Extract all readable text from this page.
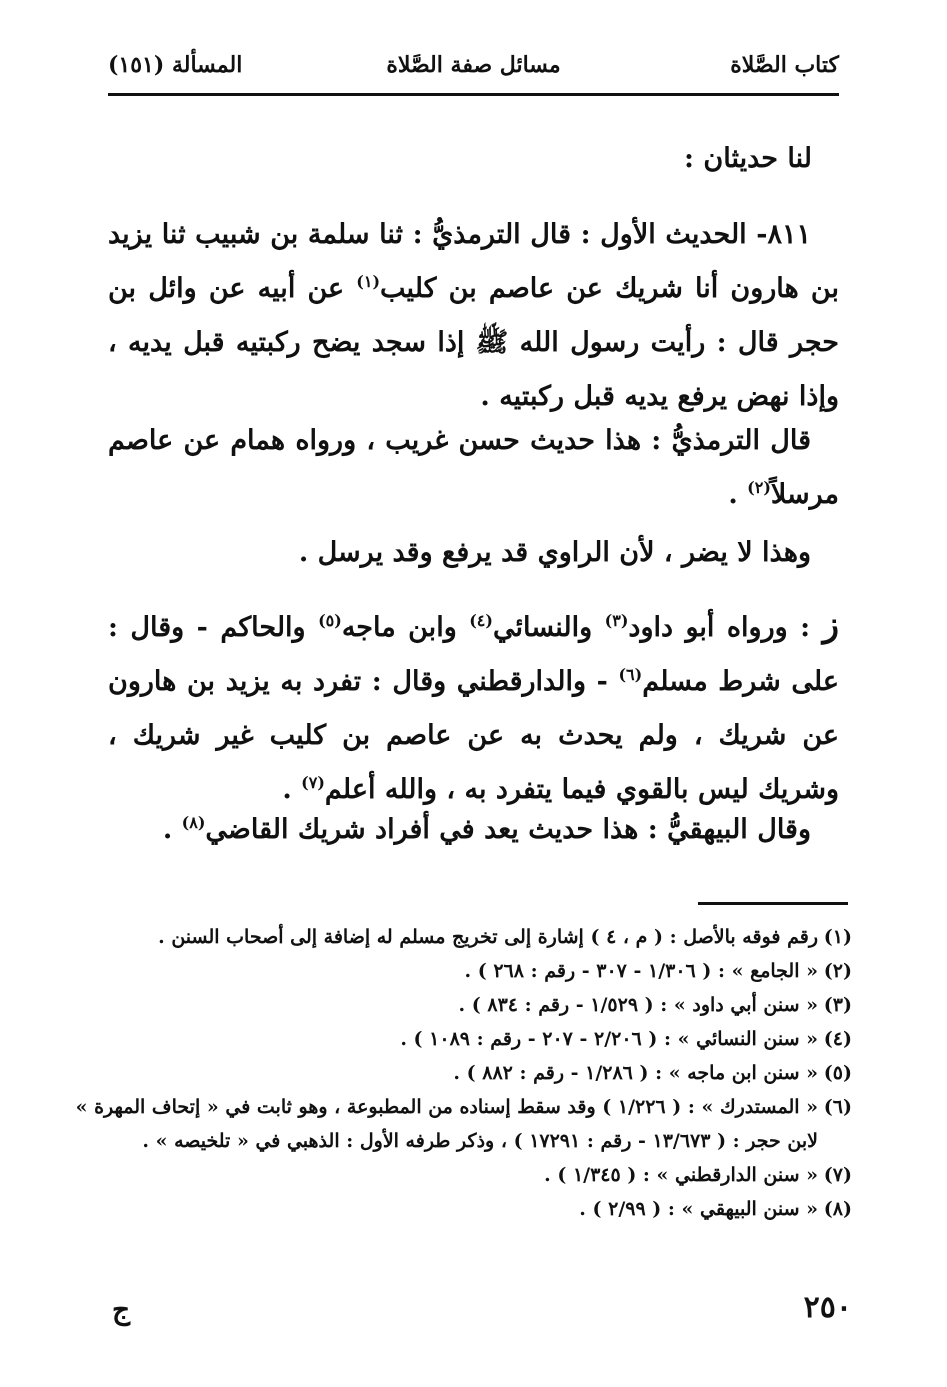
كتاب الصَّلاة
مسائل صفة الصَّلاة
المسألة (١٥١)
لنا حديثان :

٨١١- الحديث الأول : قال الترمذيُّ : ثنا سلمة بن شبيب ثنا يزيد بن هارون أنا شريك عن عاصم بن كليب$^{(١)}$ عن أبيه عن وائل بن حجر قال : رأيت رسول الله ﷺ إذا سجد يضح ركبتيه قبل يديه ، وإذا نهض يرفع يديه قبل ركبتيه .

قال الترمذيُّ : هذا حديث حسن غريب ، ورواه همام عن عاصم مرسلاً$^{(٢)}$ .

وهذا لا يضر ، لأن الراوي قد يرفع وقد يرسل .

ز : ورواه أبو داود$^{(٣)}$ والنسائي$^{(٤)}$ وابن ماجه$^{(٥)}$ والحاكم - وقال : على شرط مسلم$^{(٦)}$ - والدارقطني وقال : تفرد به يزيد بن هارون عن شريك ، ولم يحدث به عن عاصم بن كليب غير شريك ، وشريك ليس بالقوي فيما يتفرد به ، والله أعلم$^{(٧)}$ .

وقال البيهقيُّ : هذا حديث يعد في أفراد شريك القاضي$^{(٨)}$ .

(١)رقم فوقه بالأصل : ( م ، ٤ ) إشارة إلى تخريج مسلم له إضافة إلى أصحاب السنن .

(٢)« الجامع » : ( ١/٣٠٦ - ٣٠٧ - رقم : ٢٦٨ ) .

(٣)« سنن أبي داود » : ( ١/٥٢٩ - رقم : ٨٣٤ ) .

(٤)« سنن النسائي » : ( ٢/٢٠٦ - ٢٠٧ - رقم : ١٠٨٩ ) .

(٥)« سنن ابن ماجه » : ( ١/٢٨٦ - رقم : ٨٨٢ ) .

(٦)« المستدرك » : ( ١/٢٢٦ ) وقد سقط إسناده من المطبوعة ، وهو ثابت في « إتحاف المهرة »

لابن حجر : ( ١٣/٦٧٣ - رقم : ١٧٢٩١ ) ، وذكر طرفه الأول : الذهبي في « تلخيصه » .

(٧)« سنن الدارقطني » : ( ١/٣٤٥ ) .

(٨)« سنن البيهقي » : ( ٢/٩٩ ) .

٢٥٠
ج
